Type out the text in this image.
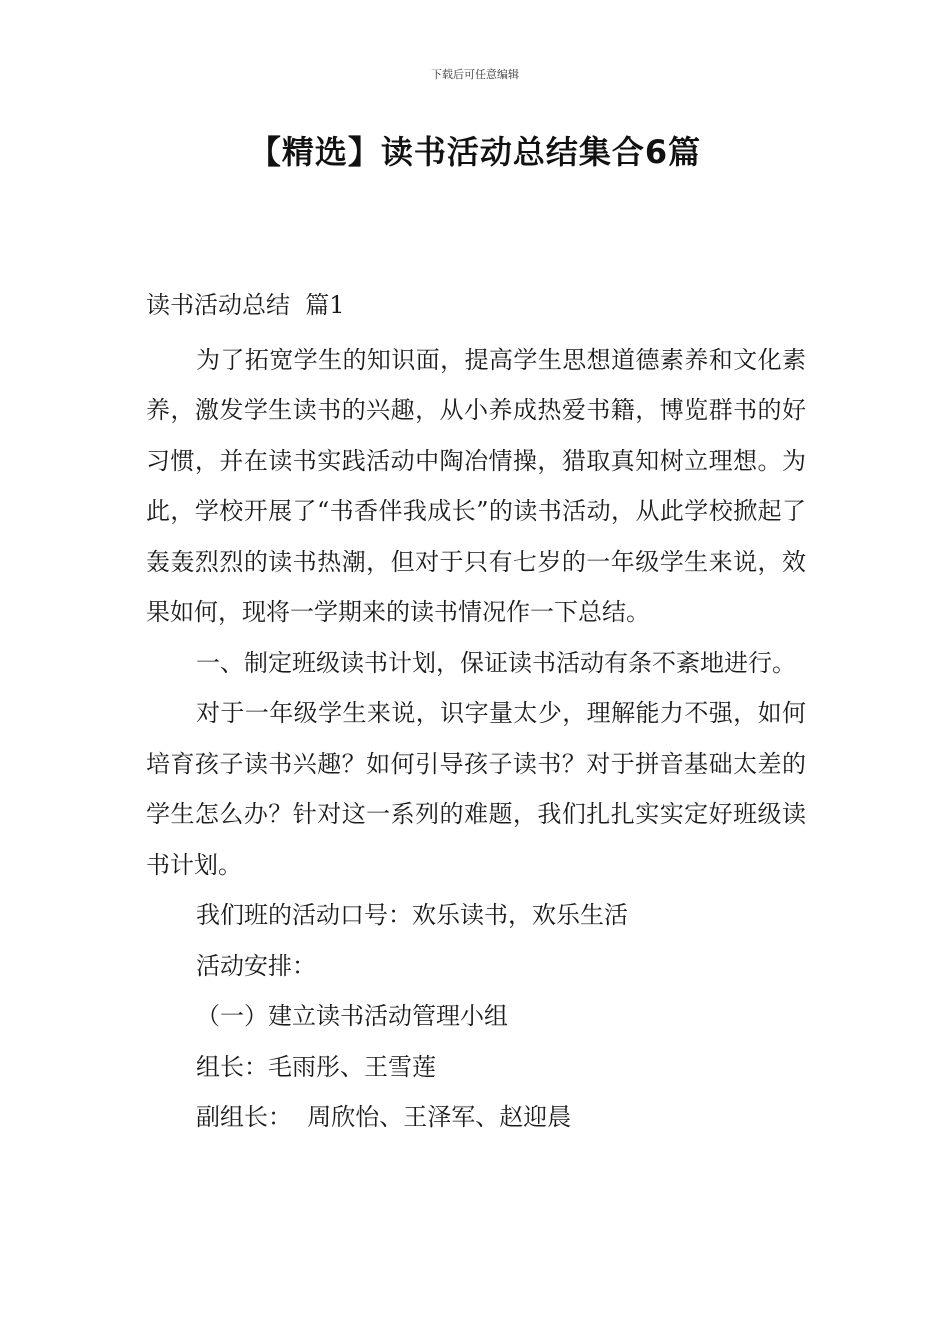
下载后可任意编辑
【精选】读书活动总结集合6篇

读书活动总结  篇1

为了拓宽学生的知识面，提高学生思想道德素养和文化素养，激发学生读书的兴趣，从小养成热爱书籍，博览群书的好习惯，并在读书实践活动中陶冶情操，猎取真知树立理想。为此，学校开展了“书香伴我成长”的读书活动，从此学校掀起了轰轰烈烈的读书热潮，但对于只有七岁的一年级学生来说，效果如何，现将一学期来的读书情况作一下总结。

一、制定班级读书计划，保证读书活动有条不紊地进行。

对于一年级学生来说，识字量太少，理解能力不强，如何培育孩子读书兴趣？如何引导孩子读书？对于拼音基础太差的学生怎么办？针对这一系列的难题，我们扎扎实实定好班级读书计划。

我们班的活动口号：欢乐读书，欢乐生活

活动安排：

（一）建立读书活动管理小组

组长：毛雨彤、王雪莲

副组长：  周欣怡、王泽军、赵迎晨
